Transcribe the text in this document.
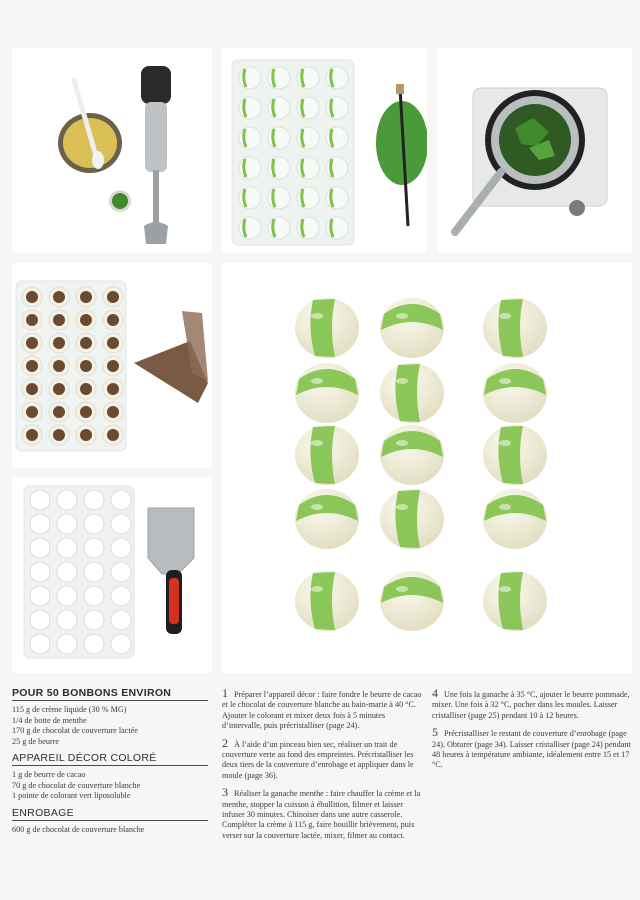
POUR 50 BONBONS ENVIRON
115 g de crème liquide (30 % MG)
1/4 de botte de menthe
170 g de chocolat de couverture lactée
25 g de beurre
APPAREIL DÉCOR COLORÉ
1 g de beurre de cacao
70 g de chocolat de couverture blanche
1 pointe de colorant vert liposoluble
ENROBAGE
600 g de chocolat de couverture blanche

1 Préparer l’appareil décor : faire fondre le beurre de cacao et le chocolat de couverture blanche au bain-marie à 40 °C. Ajouter le colorant et mixer deux fois à 5 minutes d’intervalle, puis précristalliser (page 24).

2 À l’aide d’un pinceau bien sec, réaliser un trait de couverture verte au fond des empreintes. Précristalliser les deux tiers de la couverture d’enrobage et appliquer dans le moule (page 36).

3 Réaliser la ganache menthe : faire chauffer la crème et la menthe, stopper la cuisson à ébullition, filmer et laisser infuser 30 minutes. Chinoiser dans une autre casserole. Compléter la crème à 115 g, faire bouillir brièvement, puis verser sur la couverture lactée, mixer, filmer au contact.

4 Une fois la ganache à 35 °C, ajouter le beurre pommade, mixer. Une fois à 32 °C, pocher dans les moules. Laisser cristalliser (page 25) pendant 10 à 12 heures.

5 Précristalliser le restant de couverture d’enrobage (page 24). Obturer (page 34). Laisser cristalliser (page 24) pendant 48 heures à température ambiante, idéalement entre 15 et 17 °C.
